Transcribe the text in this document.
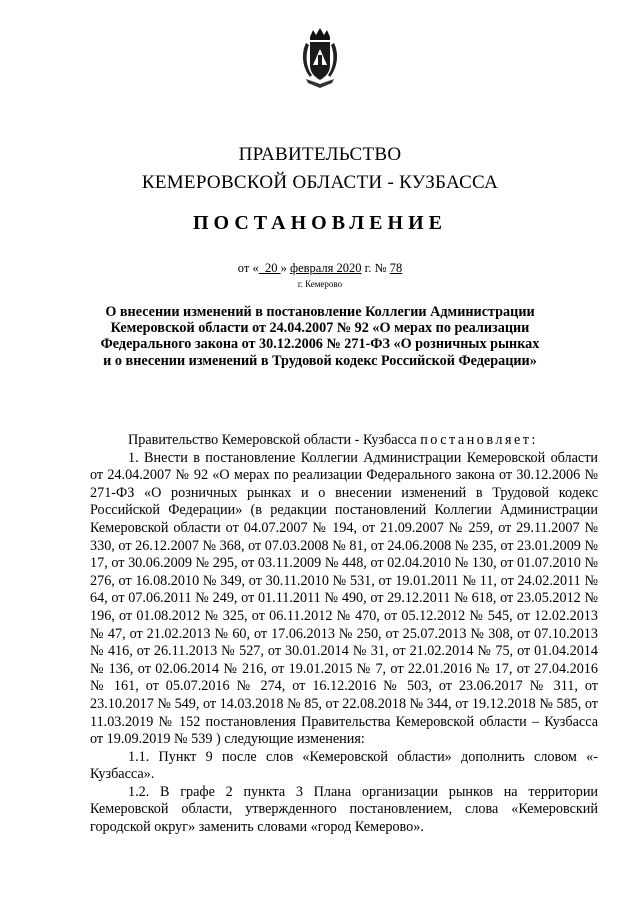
ПРАВИТЕЛЬСТВО
КЕМЕРОВСКОЙ ОБЛАСТИ - КУЗБАССА
ПОСТАНОВЛЕНИЕ
от « 20 » февраля 2020 г. № 78
г. Кемерово
О внесении изменений в постановление Коллегии Администрации
Кемеровской области от 24.04.2007 № 92 «О мерах по реализации
Федерального закона от 30.12.2006 № 271-ФЗ «О розничных рынках
и о внесении изменений в Трудовой кодекс Российской Федерации»

Правительство Кемеровской области - Кузбасса постановляет:

1. Внести в постановление Коллегии Администрации Кемеровской области от 24.04.2007 № 92 «О мерах по реализации Федерального закона от 30.12.2006 № 271-ФЗ «О розничных рынках и о внесении изменений в Трудовой кодекс Российской Федерации» (в редакции постановлений Коллегии Администрации Кемеровской области от 04.07.2007 № 194, от 21.09.2007 № 259, от 29.11.2007 № 330, от 26.12.2007 № 368, от 07.03.2008 № 81, от 24.06.2008 № 235, от 23.01.2009 № 17, от 30.06.2009 № 295, от 03.11.2009 № 448, от 02.04.2010 № 130, от 01.07.2010 № 276, от 16.08.2010 № 349, от 30.11.2010 № 531, от 19.01.2011 № 11, от 24.02.2011 № 64, от 07.06.2011 № 249, от 01.11.2011 № 490, от 29.12.2011 № 618, от 23.05.2012 № 196, от 01.08.2012 № 325, от 06.11.2012 № 470, от 05.12.2012 № 545, от 12.02.2013 № 47, от 21.02.2013 № 60, от 17.06.2013 № 250, от 25.07.2013 № 308, от 07.10.2013 № 416, от 26.11.2013 № 527, от 30.01.2014 № 31, от 21.02.2014 № 75, от 01.04.2014 № 136, от 02.06.2014 № 216, от 19.01.2015 № 7, от 22.01.2016 № 17, от 27.04.2016 № 161, от 05.07.2016 № 274, от 16.12.2016 № 503, от 23.06.2017 № 311, от 23.10.2017 № 549, от 14.03.2018 № 85, от 22.08.2018 № 344, от 19.12.2018 № 585, от 11.03.2019 № 152 постановления Правительства Кемеровской области – Кузбасса от 19.09.2019 № 539 ) следующие изменения:

1.1. Пункт 9 после слов «Кемеровской области» дополнить словом «- Кузбасса».

1.2. В графе 2 пункта 3 Плана организации рынков на территории Кемеровской области, утвержденного постановлением, слова «Кемеровский городской округ» заменить словами «город Кемерово».
